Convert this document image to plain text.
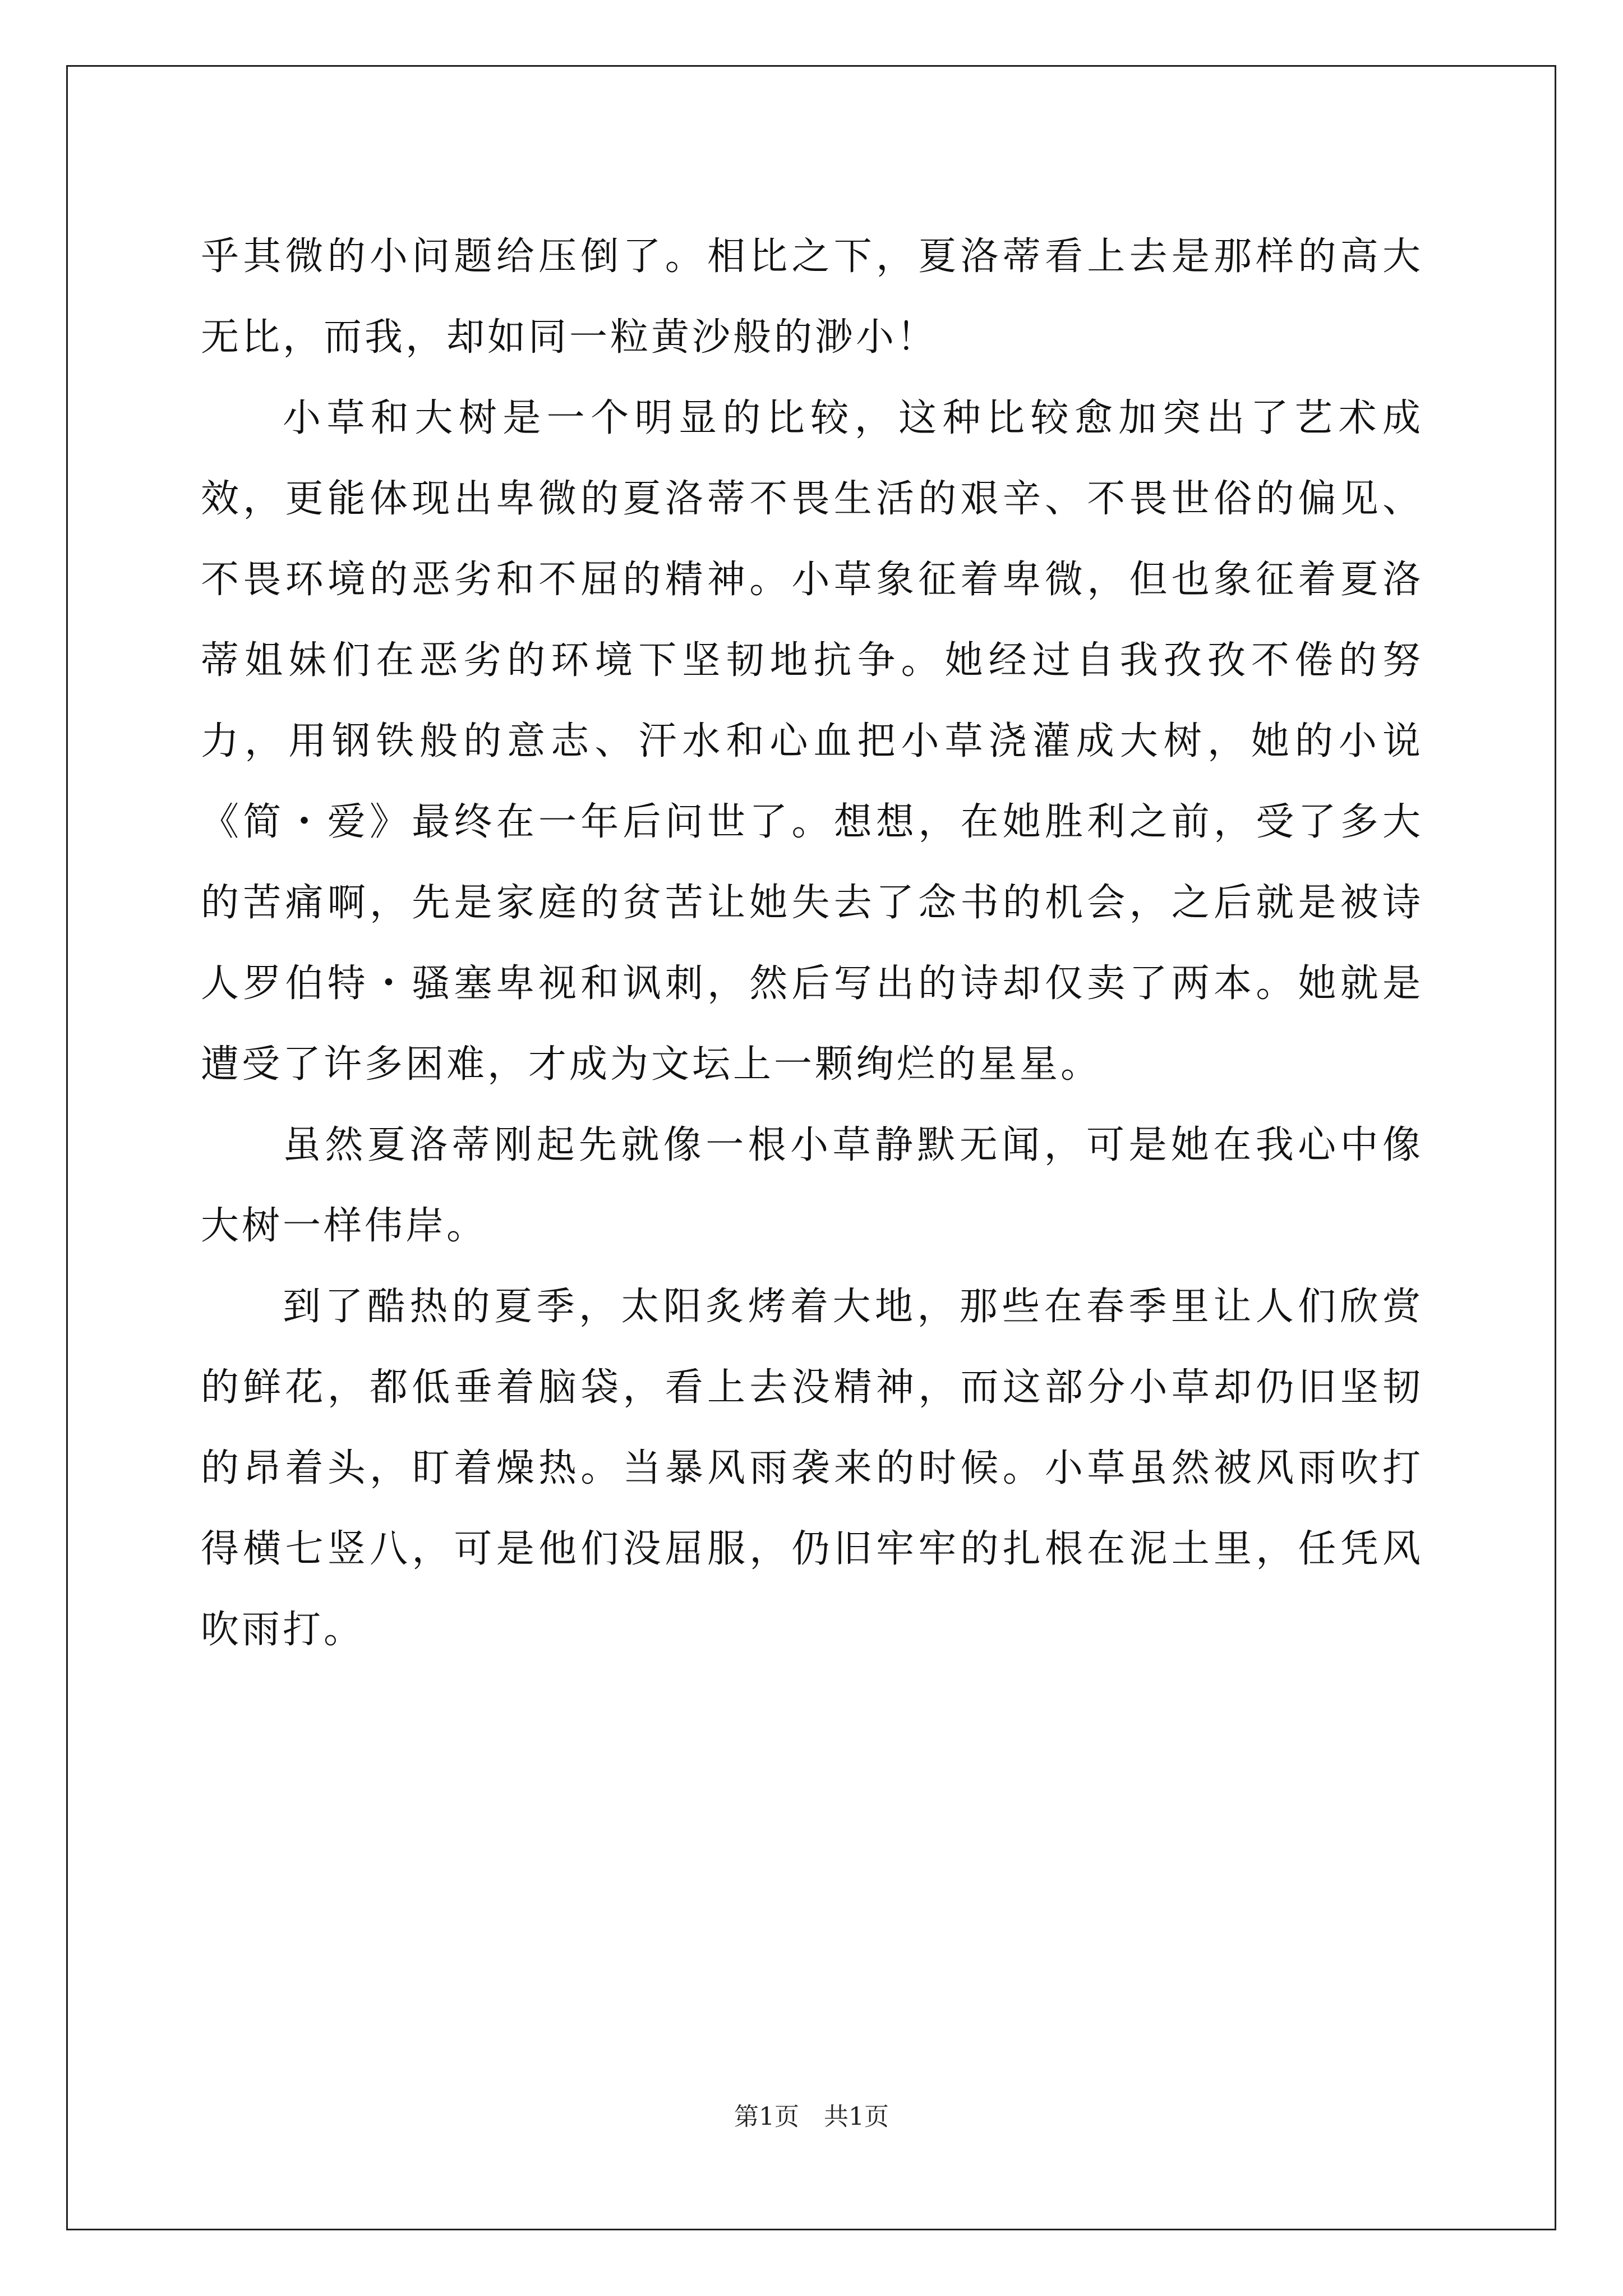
乎其微的小问题给压倒了。相比之下，夏洛蒂看上去是那样的高大无比，而我，却如同一粒黄沙般的渺小！

小草和大树是一个明显的比较，这种比较愈加突出了艺术成效，更能体现出卑微的夏洛蒂不畏生活的艰辛、不畏世俗的偏见、不畏环境的恶劣和不屈的精神。小草象征着卑微，但也象征着夏洛蒂姐妹们在恶劣的环境下坚韧地抗争。她经过自我孜孜不倦的努力，用钢铁般的意志、汗水和心血把小草浇灌成大树，她的小说《简・爱》最终在一年后问世了。想想，在她胜利之前，受了多大的苦痛啊，先是家庭的贫苦让她失去了念书的机会，之后就是被诗人罗伯特・骚塞卑视和讽刺，然后写出的诗却仅卖了两本。她就是遭受了许多困难，才成为文坛上一颗绚烂的星星。

虽然夏洛蒂刚起先就像一根小草静默无闻，可是她在我心中像大树一样伟岸。

到了酷热的夏季，太阳炙烤着大地，那些在春季里让人们欣赏的鲜花，都低垂着脑袋，看上去没精神，而这部分小草却仍旧坚韧的昂着头，盯着燥热。当暴风雨袭来的时候。小草虽然被风雨吹打得横七竖八，可是他们没屈服，仍旧牢牢的扎根在泥土里，任凭风吹雨打。

第1页　共1页
